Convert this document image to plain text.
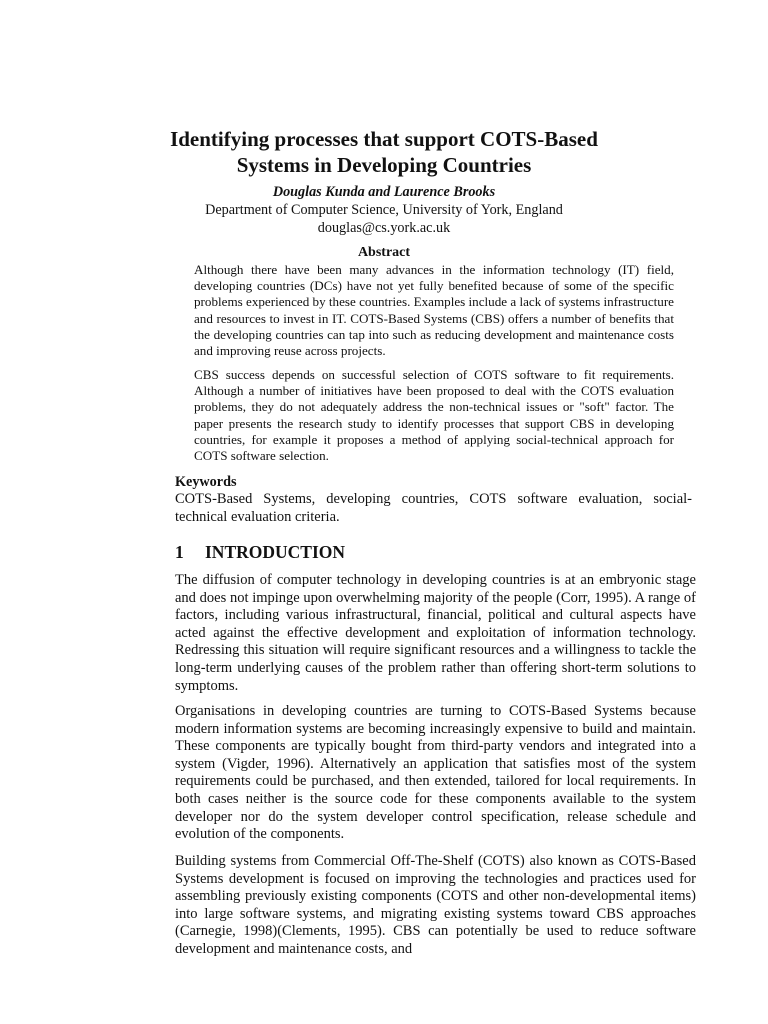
Identifying processes that support COTS-Based Systems in Developing Countries
Douglas Kunda and Laurence Brooks
Department of Computer Science, University of York, England
douglas@cs.york.ac.uk
Abstract

Although there have been many advances in the information technology (IT) field, developing countries (DCs) have not yet fully benefited because of some of the specific problems experienced by these countries. Examples include a lack of systems infrastructure and resources to invest in IT. COTS-Based Systems (CBS) offers a number of benefits that the developing countries can tap into such as reducing development and maintenance costs and improving reuse across projects.

CBS success depends on successful selection of COTS software to fit requirements. Although a number of initiatives have been proposed to deal with the COTS evaluation problems, they do not adequately address the non-technical issues or "soft" factor. The paper presents the research study to identify processes that support CBS in developing countries, for example it proposes a method of applying social-technical approach for COTS software selection.

Keywords

COTS-Based Systems, developing countries, COTS software evaluation, social-technical evaluation criteria.

1 INTRODUCTION

The diffusion of computer technology in developing countries is at an embryonic stage and does not impinge upon overwhelming majority of the people (Corr, 1995). A range of factors, including various infrastructural, financial, political and cultural aspects have acted against the effective development and exploitation of information technology. Redressing this situation will require significant resources and a willingness to tackle the long-term underlying causes of the problem rather than offering short-term solutions to symptoms.

Organisations in developing countries are turning to COTS-Based Systems because modern information systems are becoming increasingly expensive to build and maintain. These components are typically bought from third-party vendors and integrated into a system (Vigder, 1996). Alternatively an application that satisfies most of the system requirements could be purchased, and then extended, tailored for local requirements. In both cases neither is the source code for these components available to the system developer nor do the system developer control specification, release schedule and evolution of the components.

Building systems from Commercial Off-The-Shelf (COTS) also known as COTS-Based Systems development is focused on improving the technologies and practices used for assembling previously existing components (COTS and other non-developmental items) into large software systems, and migrating existing systems toward CBS approaches (Carnegie, 1998)(Clements, 1995). CBS can potentially be used to reduce software development and maintenance costs, and
